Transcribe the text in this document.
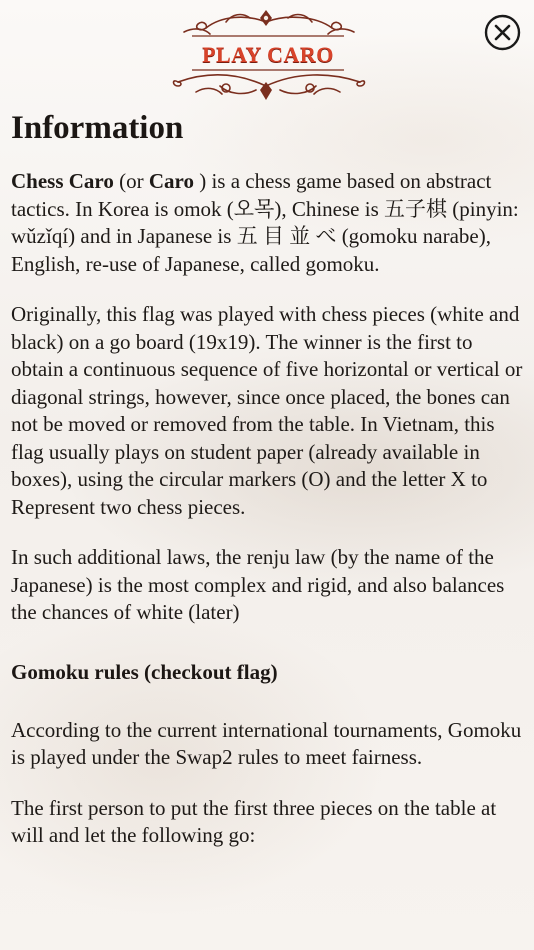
PLAY CARO
Information

Chess Caro (or Caro ) is a chess game based on abstract tactics. In Korea is omok (오목), Chinese is 五子棋 (pinyin: wǔzǐqí) and in Japanese is 五 目 並 べ (gomoku narabe), English, re-use of Japanese, called gomoku.

Originally, this flag was played with chess pieces (white and black) on a go board (19x19). The winner is the first to obtain a continuous sequence of five horizontal or vertical or diagonal strings, however, since once placed, the bones can not be moved or removed from the table. In Vietnam, this flag usually plays on student paper (already available in boxes), using the circular markers (O) and the letter X to Represent two chess pieces.

In such additional laws, the renju law (by the name of the Japanese) is the most complex and rigid, and also balances the chances of white (later)

Gomoku rules (checkout flag)

According to the current international tournaments, Gomoku is played under the Swap2 rules to meet fairness.

The first person to put the first three pieces on the table at will and let the following go:
